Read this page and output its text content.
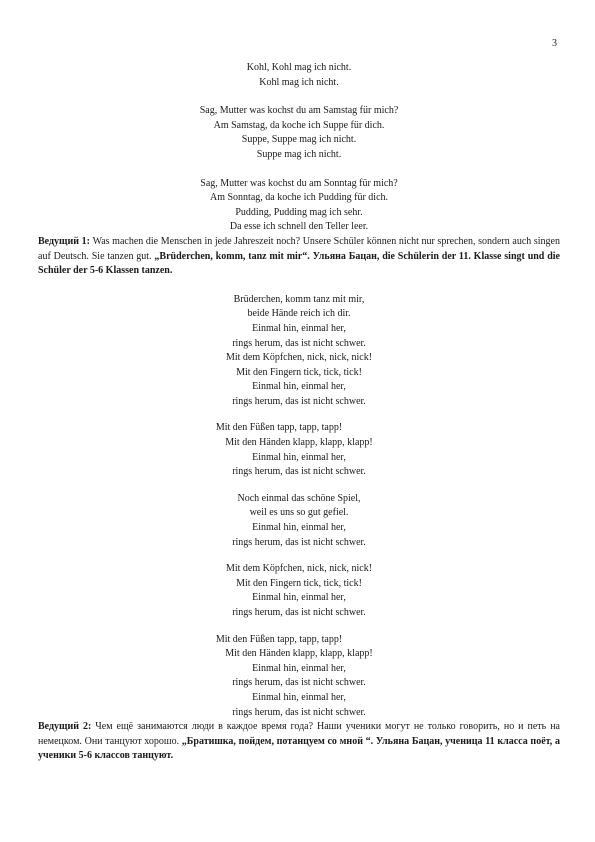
3
Kohl, Kohl mag ich nicht.
Kohl mag ich nicht.
Sag, Mutter was kochst du am Samstag für mich?
Am Samstag, da koche ich Suppe für dich.
Suppe, Suppe mag ich nicht.
Suppe mag ich nicht.
Sag, Mutter was kochst du am Sonntag für mich?
Am Sonntag, da koche ich Pudding für dich.
Pudding, Pudding mag ich sehr.
Da esse ich schnell den Teller leer.

Ведущий 1: Was machen die Menschen in jede Jahreszeit noch? Unsere Schüler können nicht nur sprechen, sondern auch singen auf Deutsch. Sie tanzen gut. „Brüderchen, komm, tanz mit mir“. Ульяна Бацан, die Schülerin der 11. Klasse singt und die Schüler der 5-6 Klassen tanzen.

Brüderchen, komm tanz mit mir,
beide Hände reich ich dir.
Einmal hin, einmal her,
rings herum, das ist nicht schwer.
Mit dem Köpfchen, nick, nick, nick!
Mit den Fingern tick, tick, tick!
Einmal hin, einmal her,
rings herum, das ist nicht schwer.
Mit den Füßen tapp, tapp, tapp!
Mit den Händen klapp, klapp, klapp!
Einmal hin, einmal her,
rings herum, das ist nicht schwer.
Noch einmal das schöne Spiel,
weil es uns so gut gefiel.
Einmal hin, einmal her,
rings herum, das ist nicht schwer.
Mit dem Köpfchen, nick, nick, nick!
Mit den Fingern tick, tick, tick!
Einmal hin, einmal her,
rings herum, das ist nicht schwer.
Mit den Füßen tapp, tapp, tapp!
Mit den Händen klapp, klapp, klapp!
Einmal hin, einmal her,
rings herum, das ist nicht schwer.
Einmal hin, einmal her,
rings herum, das ist nicht schwer.

Ведущий 2: Чем ещё занимаются люди в каждое время года? Наши ученики могут не только говорить, но и петь на немецком. Они танцуют хорошо. „Братишка, пойдем, потанцуем со мной “. Ульяна Бацан, ученица 11 класса поёт, а ученики 5-6 классов танцуют.
